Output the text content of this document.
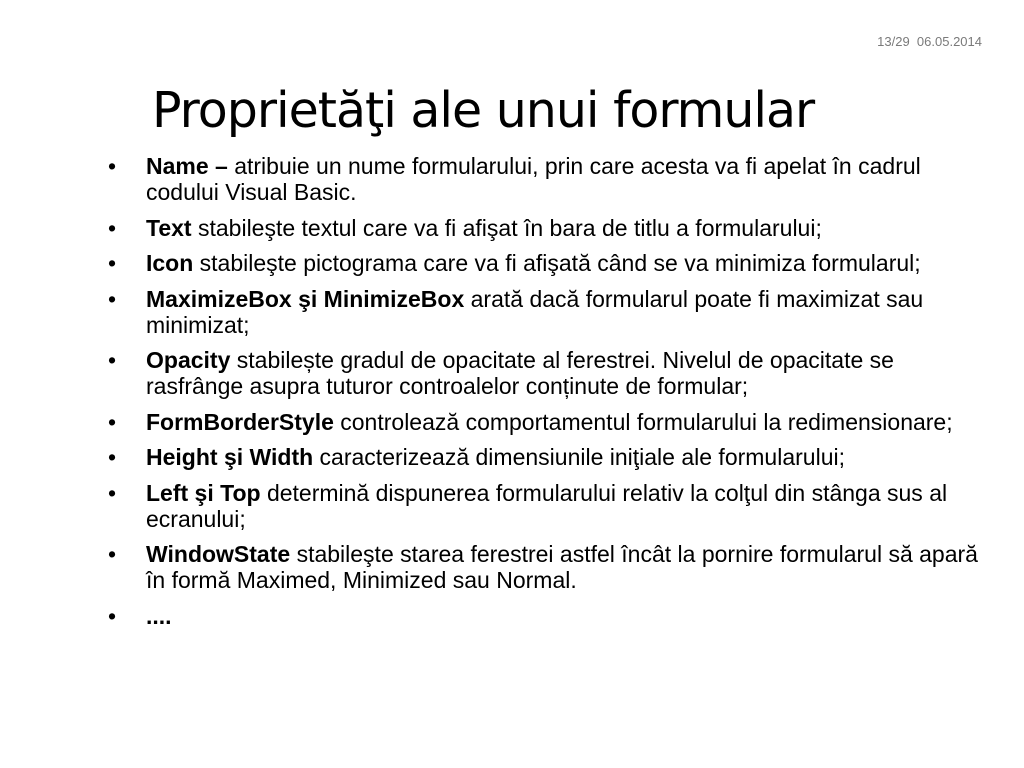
13/29 06.05.2014
Proprietăţi ale unui formular
• Name – atribuie un nume formularului, prin care acesta va fi apelat în cadrul codului Visual Basic.
• Text stabileşte textul care va fi afişat în bara de titlu a formularului;
• Icon stabileşte pictograma care va fi afişată când se va minimiza formularul;
• MaximizeBox şi MinimizeBox arată dacă formularul poate fi maximizat sau minimizat;
• Opacity stabilește gradul de opacitate al ferestrei. Nivelul de opacitate se rasfrânge asupra tuturor controalelor conținute de formular;
• FormBorderStyle controlează comportamentul formularului la redimensionare;
• Height şi Width caracterizează dimensiunile iniţiale ale formularului;
• Left şi Top determină dispunerea formularului relativ la colţul din stânga sus al ecranului;
• WindowState stabileşte starea ferestrei astfel încât la pornire formularul să apară în formă Maximed, Minimized sau Normal.
• ....
